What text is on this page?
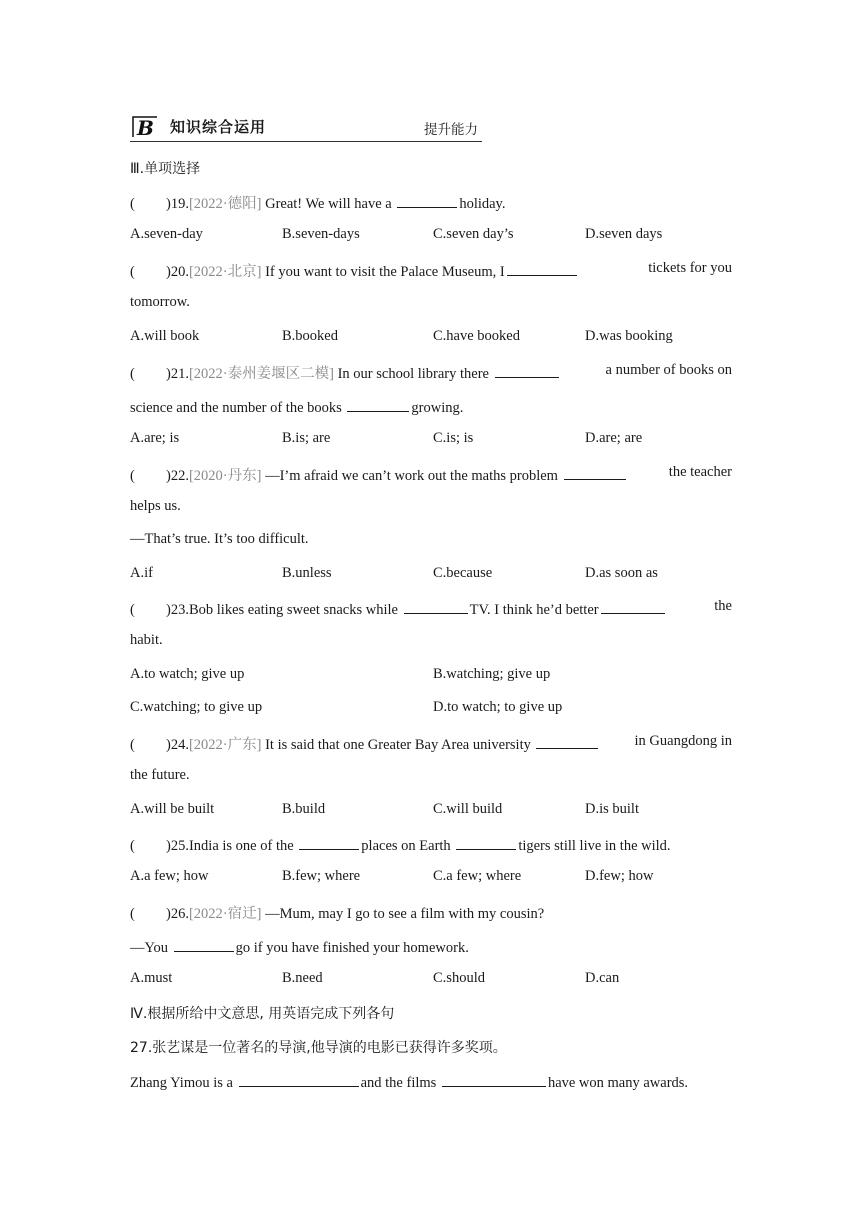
B 知识综合运用	提升能力
Ⅲ.单项选择
( )19.[2022·德阳] Great! We will have a	holiday.
A.seven-day	B.seven-days	C.seven day’s	D.seven days
( )20.[2022·北京] If you want to visit the Palace Museum, I	tickets for you
tomorrow.
A.will book	B.booked	C.have booked	D.was booking
( )21.[2022·泰州姜堰区二模] In our school library there	a number of books on
science and the number of the books	growing.
A.are; is	B.is; are	C.is; is	D.are; are
( )22.[2020·丹东] —I’m afraid we can’t work out the maths problem	the teacher
helps us.
—That’s true. It’s too difficult.
A.if	B.unless	C.because	D.as soon as
( )23.Bob likes eating sweet snacks while	TV. I think he’d better	the
habit.
A.to watch; give up	B.watching; give up
C.watching; to give up	D.to watch; to give up
( )24.[2022·广东] It is said that one Greater Bay Area university	in Guangdong in
the future.
A.will be built	B.build	C.will build	D.is built
( )25.India is one of the	places on Earth	tigers still live in the wild.
A.a few; how	B.few; where	C.a few; where	D.few; how
( )26.[2022·宿迁] —Mum, may I go to see a film with my cousin?
—You	go if you have finished your homework.
A.must	B.need	C.should	D.can
Ⅳ.根据所给中文意思, 用英语完成下列各句
27.张艺谋是一位著名的导演,他导演的电影已获得许多奖项。
Zhang Yimou is a	and the films	have won many awards.
